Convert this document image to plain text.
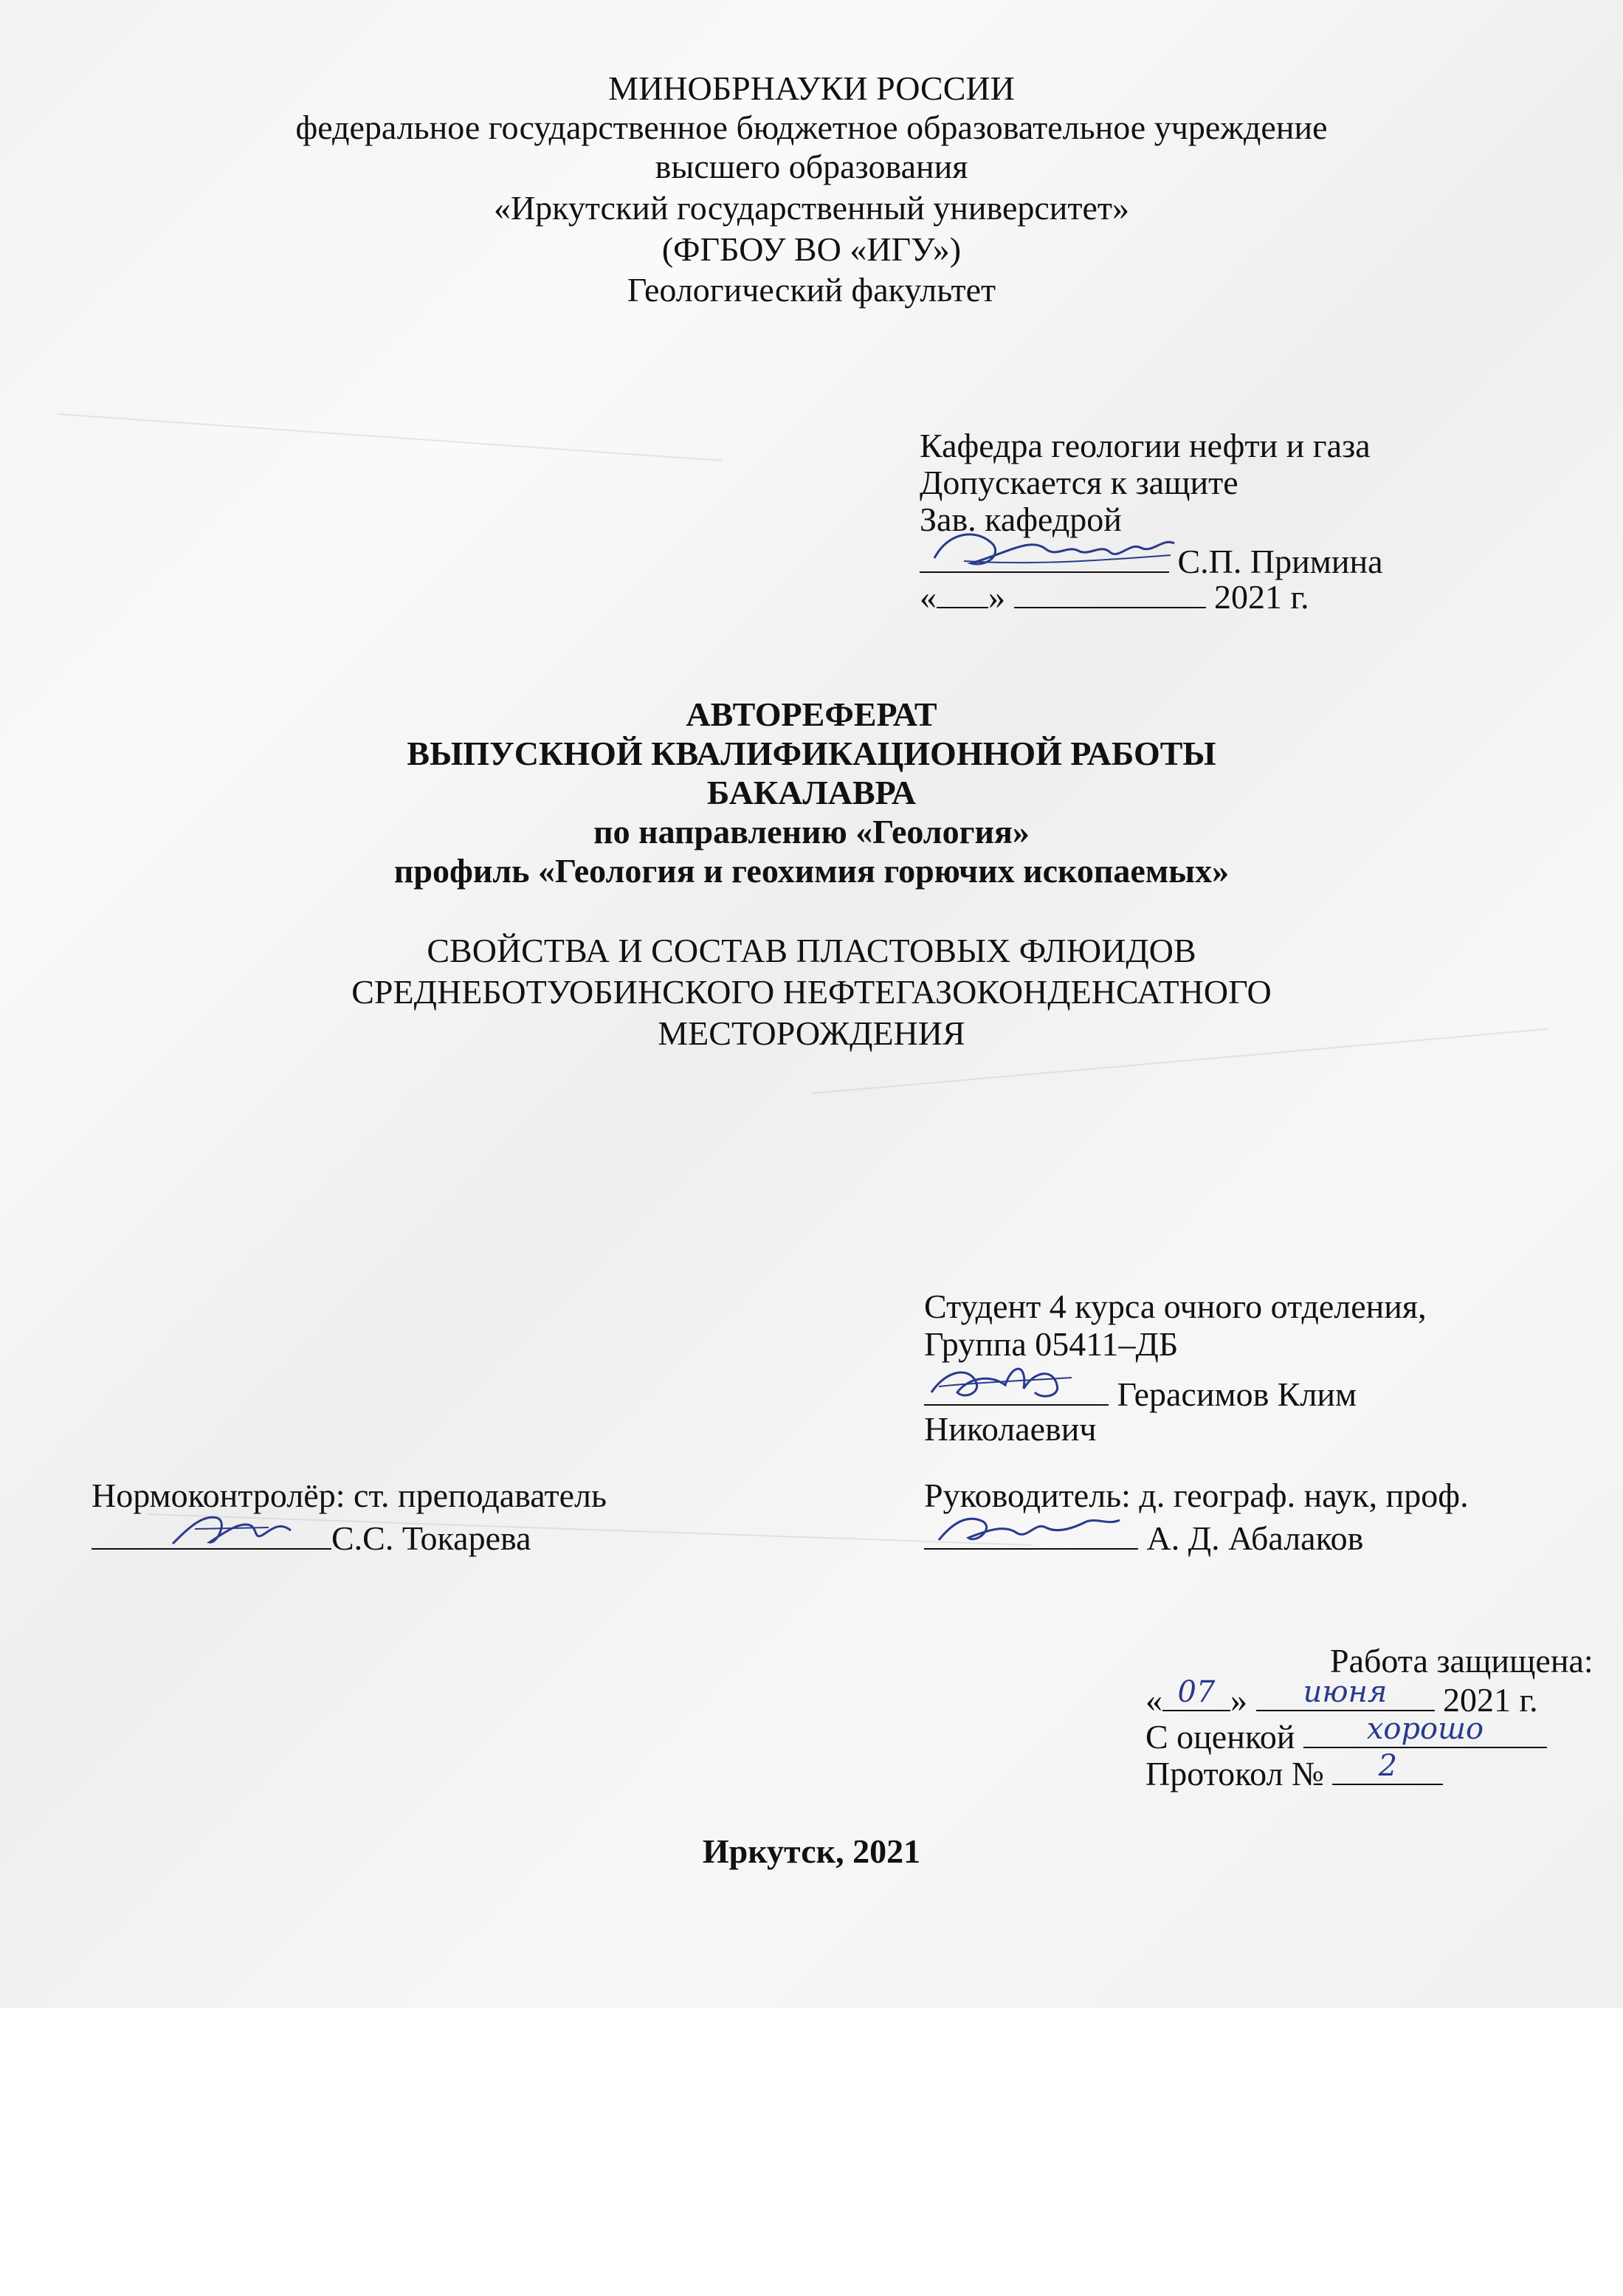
МИНОБРНАУКИ РОССИИ
федеральное государственное бюджетное образовательное учреждение
высшего образования
«Иркутский государственный университет»
(ФГБОУ ВО «ИГУ»)
Геологический факультет
Кафедра геологии нефти и газа
Допускается к защите
Зав. кафедрой
С.П. Примина
« »	2021 г.
АВТОРЕФЕРАТ
ВЫПУСКНОЙ КВАЛИФИКАЦИОННОЙ РАБОТЫ
БАКАЛАВРА
по направлению «Геология»
профиль «Геология и геохимия горючих ископаемых»
СВОЙСТВА И СОСТАВ ПЛАСТОВЫХ ФЛЮИДОВ
СРЕДНЕБОТУОБИНСКОГО НЕФТЕГАЗОКОНДЕНСАТНОГО
МЕСТОРОЖДЕНИЯ
Студент 4 курса очного отделения,
Группа 05411–ДБ
Герасимов Клим
Николаевич
Нормоконтролёр: ст. преподаватель
С.С. Токарева
Руководитель: д. географ. наук, проф.
А. Д. Абалаков
Работа защищена:
« 07 »	июня	2021 г.
С оценкой	хорошо
Протокол №	2
Иркутск, 2021
